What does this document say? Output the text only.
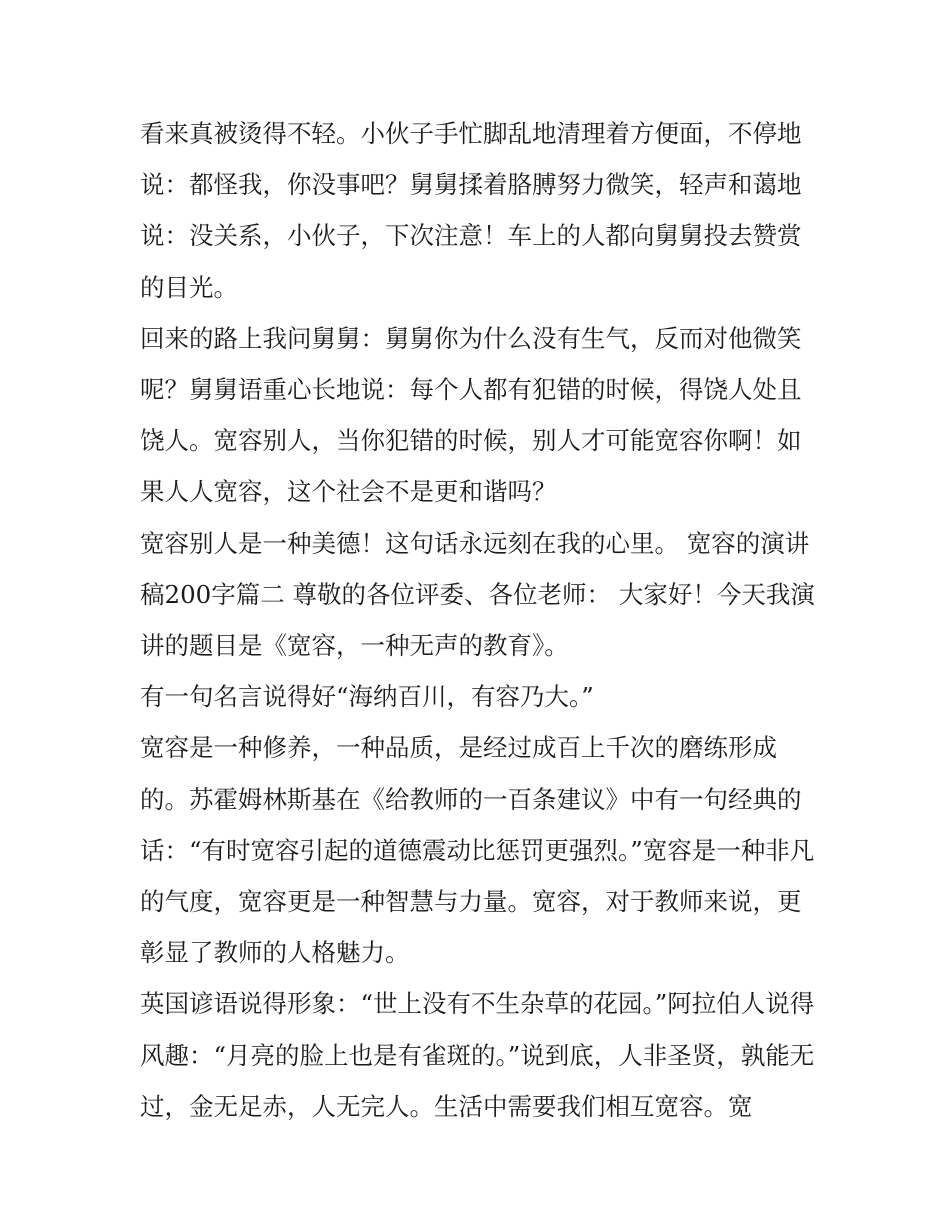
看来真被烫得不轻。小伙子手忙脚乱地清理着方便面，不停地说：都怪我，你没事吧？舅舅揉着胳膊努力微笑，轻声和蔼地说：没关系，小伙子，下次注意！车上的人都向舅舅投去赞赏的目光。

回来的路上我问舅舅：舅舅你为什么没有生气，反而对他微笑呢？舅舅语重心长地说：每个人都有犯错的时候，得饶人处且饶人。宽容别人，当你犯错的时候，别人才可能宽容你啊！如果人人宽容，这个社会不是更和谐吗？

宽容别人是一种美德！这句话永远刻在我的心里。 宽容的演讲稿200字篇二 尊敬的各位评委、各位老师： 大家好！今天我演讲的题目是《宽容，一种无声的教育》。

有一句名言说得好“海纳百川，有容乃大。”

宽容是一种修养，一种品质，是经过成百上千次的磨练形成的。苏霍姆林斯基在《给教师的一百条建议》中有一句经典的话：“有时宽容引起的道德震动比惩罚更强烈。”宽容是一种非凡的气度，宽容更是一种智慧与力量。宽容，对于教师来说，更彰显了教师的人格魅力。

英国谚语说得形象：“世上没有不生杂草的花园。”阿拉伯人说得风趣：“月亮的脸上也是有雀斑的。”说到底，人非圣贤，孰能无过，金无足赤，人无完人。生活中需要我们相互宽容。宽
